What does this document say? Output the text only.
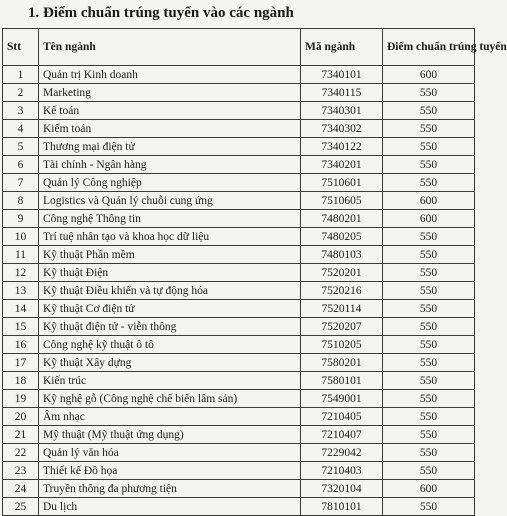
1. Điểm chuẩn trúng tuyển vào các ngành
Stt	Tên ngành	Mã ngành	Điểm chuẩn trúng tuyển
1	Quản trị Kinh doanh	7340101	600
2	Marketing	7340115	550
3	Kế toán	7340301	550
4	Kiểm toán	7340302	550
5	Thương mại điện tử	7340122	550
6	Tài chính - Ngân hàng	7340201	550
7	Quản lý Công nghiệp	7510601	550
8	Logistics và Quản lý chuỗi cung ứng	7510605	600
9	Công nghệ Thông tin	7480201	600
10	Trí tuệ nhân tạo và khoa học dữ liệu	7480205	550
11	Kỹ thuật Phần mềm	7480103	550
12	Kỹ thuật Điện	7520201	550
13	Kỹ thuật Điều khiển và tự động hóa	7520216	550
14	Kỹ thuật Cơ điện tử	7520114	550
15	Kỹ thuật điện tử - viễn thông	7520207	550
16	Công nghệ kỹ thuật ô tô	7510205	550
17	Kỹ thuật Xây dựng	7580201	550
18	Kiến trúc	7580101	550
19	Kỹ nghệ gỗ (Công nghệ chế biến lâm sản)	7549001	550
20	Âm nhạc	7210405	550
21	Mỹ thuật (Mỹ thuật ứng dụng)	7210407	550
22	Quản lý văn hóa	7229042	550
23	Thiết kế Đồ họa	7210403	550
24	Truyền thông đa phương tiện	7320104	600
25	Du lịch	7810101	550
